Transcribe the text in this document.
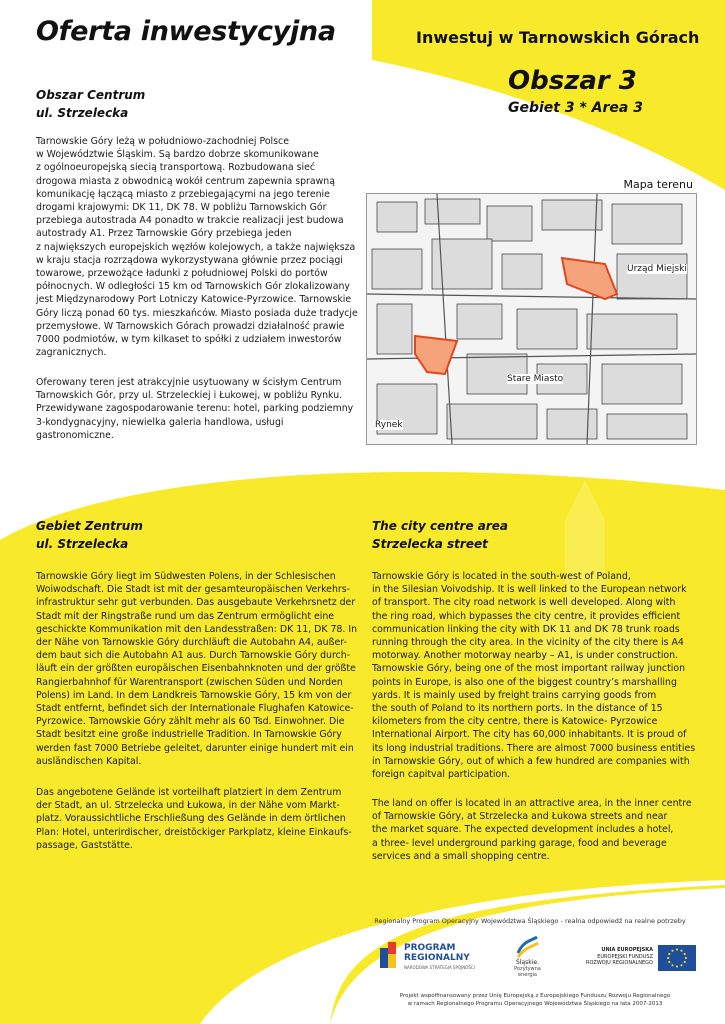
Oferta inwestycyjna	Inwestuj w Tarnowskich Górach
Obszar 3
Gebiet 3 * Area 3
Obszar Centrum
ul. Strzelecka
Tarnowskie Góry leżą w południowo-zachodniej Polsce
w Województwie Śląskim. Są bardzo dobrze skomunikowane
z ogólnoeuropejską siecią transportową. Rozbudowana sieć
drogowa miasta z obwodnicą wokół centrum zapewnia sprawną
komunikację łączącą miasto z przebiegającymi na jego terenie
drogami krajowymi: DK 11, DK 78. W pobliżu Tarnowskich Gór
przebiega autostrada A4 ponadto w trakcie realizacji jest budowa
autostrady A1. Przez Tarnowskie Góry przebiega jeden
z największych europejskich węzłów kolejowych, a także największa
w kraju stacja rozrządowa wykorzystywana głównie przez pociągi
towarowe, przewożące ładunki z południowej Polski do portów
północnych. W odległości 15 km od Tarnowskich Gór zlokalizowany
jest Międzynarodowy Port Lotniczy Katowice-Pyrzowice. Tarnowskie
Góry liczą ponad 60 tys. mieszkańców. Miasto posiada duże tradycje
przemysłowe. W Tarnowskich Górach prowadzi działalność prawie
7000 podmiotów, w tym kilkaset to spółki z udziałem inwestorów
zagranicznych.
Oferowany teren jest atrakcyjnie usytuowany w ścisłym Centrum
Tarnowskich Gór, przy ul. Strzeleckiej i Łukowej, w pobliżu Rynku.
Przewidywane zagospodarowanie terenu: hotel, parking podziemny
3-kondygnacyjny, niewielka galeria handlowa, usługi
gastronomiczne.
Mapa terenu
Urząd Miejski
Stare Miasto
Rynek
Gebiet Zentrum
ul. Strzelecka
Tarnowskie Góry liegt im Südwesten Polens, in der Schlesischen
Woiwodschaft. Die Stadt ist mit der gesamteuropäischen Verkehrs-
infrastruktur sehr gut verbunden. Das ausgebaute Verkehrsnetz der
Stadt mit der Ringstraße rund um das Zentrum ermöglicht eine
geschickte Kommunikation mit den Landesstraßen: DK 11, DK 78. In
der Nähe von Tarnowskie Góry durchläuft die Autobahn A4, außer-
dem baut sich die Autobahn A1 aus. Durch Tarnowskie Góry durch-
läuft ein der größten europäischen Eisenbahnknoten und der größte
Rangierbahnhof für Warentransport (zwischen Süden und Norden
Polens) im Land. In dem Landkreis Tarnowskie Góry, 15 km von der
Stadt entfernt, befindet sich der Internationale Flughafen Katowice-
Pyrzowice. Tarnowskie Góry zählt mehr als 60 Tsd. Einwohner. Die
Stadt besitzt eine große industrielle Tradition. In Tarnowskie Góry
werden fast 7000 Betriebe geleitet, darunter einige hundert mit ein
ausländischen Kapital.
Das angebotene Gelände ist vorteilhaft platziert in dem Zentrum
der Stadt, an ul. Strzelecka und Łukowa, in der Nähe vom Markt-
platz. Voraussichtliche Erschließung des Gelände in dem örtlichen
Plan: Hotel, unterirdischer, dreistöckiger Parkplatz, kleine Einkaufs-
passage, Gaststätte.
The city centre area
Strzelecka street
Tarnowskie Góry is located in the south-west of Poland,
in the Silesian Voivodship. It is well linked to the European network
of transport. The city road network is well developed. Along with
the ring road, which bypasses the city centre, it provides efficient
communication linking the city with DK 11 and DK 78 trunk roads
running through the city area. In the vicinity of the city there is A4
motorway. Another motorway nearby – A1, is under construction.
Tarnowskie Góry, being one of the most important railway junction
points in Europe, is also one of the biggest country’s marshalling
yards. It is mainly used by freight trains carrying goods from
the south of Poland to its northern ports. In the distance of 15
kilometers from the city centre, there is Katowice- Pyrzowice
International Airport. The city has 60,000 inhabitants. It is proud of
its long industrial traditions. There are almost 7000 business entities
in Tarnowskie Góry, out of which a few hundred are companies with
foreign capitval participation.
The land on offer is located in an attractive area, in the inner centre
of Tarnowskie Góry, at Strzelecka and Łukowa streets and near
the market square. The expected development includes a hotel,
a three- level underground parking garage, food and beverage
services and a small shopping centre.
Regionalny Program Operacyjny Województwa Śląskiego - realna odpowiedź na realne potrzeby
PROGRAM
REGIONALNY
NARODOWA STRATEGIA SPÓJNOŚCI
Śląskie.
Pozytywna energia
UNIA EUROPEJSKA
EUROPEJSKI FUNDUSZ
ROZWOJU REGIONALNEGO
Projekt współfinansowany przez Unię Europejską z Europejskiego Funduszu Rozwoju Regionalnego
w ramach Regionalnego Programu Operacyjnego Województwa Śląskiego na lata 2007-2013
